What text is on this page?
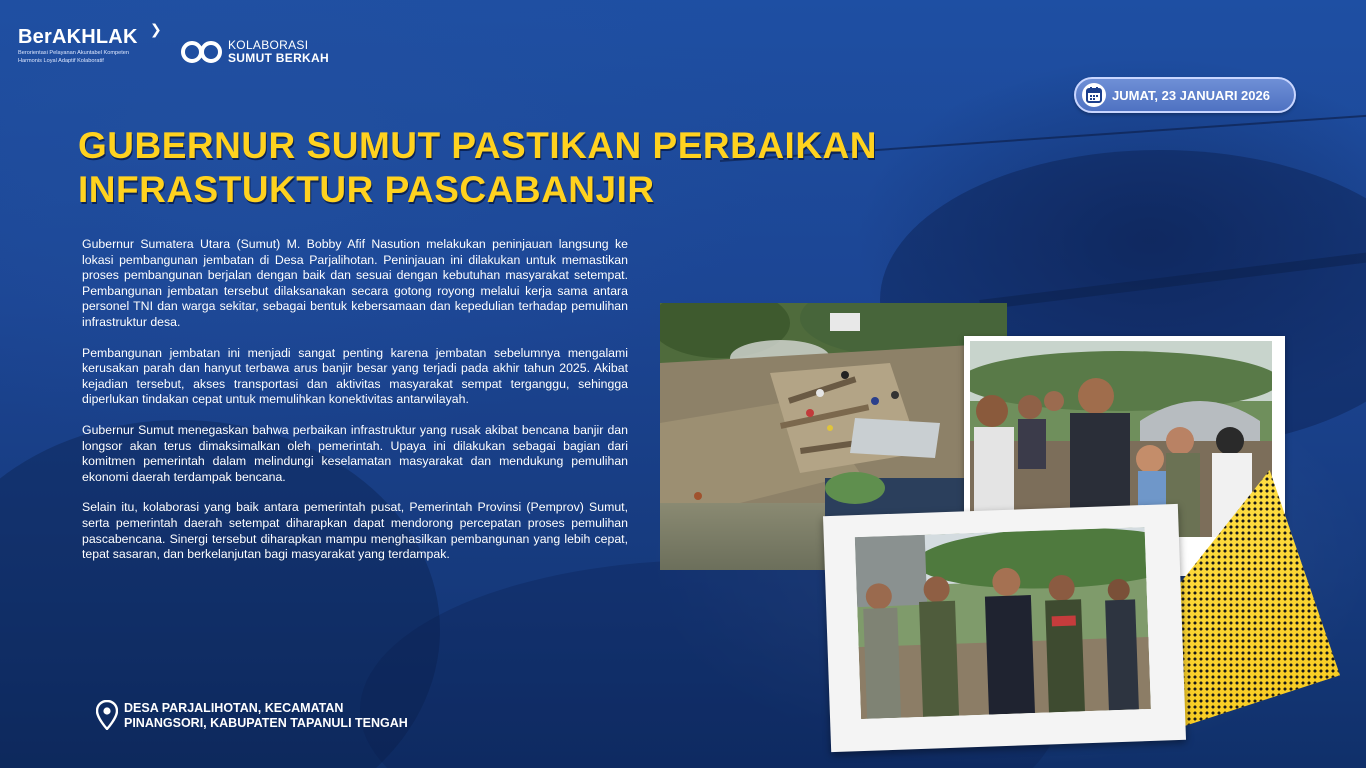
❯
BerAKHLAK
Berorientasi Pelayanan Akuntabel Kompeten
Harmonis Loyal Adaptif Kolaboratif
KOLABORASI
SUMUT BERKAH
JUMAT, 23 JANUARI 2026
GUBERNUR SUMUT PASTIKAN PERBAIKAN
INFRASTUKTUR PASCABANJIR

Gubernur Sumatera Utara (Sumut) M. Bobby Afif Nasution melakukan peninjauan langsung ke lokasi pembangunan jembatan di Desa Parjalihotan. Peninjauan ini dilakukan untuk memastikan proses pembangunan berjalan dengan baik dan sesuai dengan kebutuhan masyarakat setempat. Pembangunan jembatan tersebut dilaksanakan secara gotong royong melalui kerja sama antara personel TNI dan warga sekitar, sebagai bentuk kebersamaan dan kepedulian terhadap pemulihan infrastruktur desa.

Pembangunan jembatan ini menjadi sangat penting karena jembatan sebelumnya mengalami kerusakan parah dan hanyut terbawa arus banjir besar yang terjadi pada akhir tahun 2025. Akibat kejadian tersebut, akses transportasi dan aktivitas masyarakat sempat terganggu, sehingga diperlukan tindakan cepat untuk memulihkan konektivitas antarwilayah.

Gubernur Sumut menegaskan bahwa perbaikan infrastruktur yang rusak akibat bencana banjir dan longsor akan terus dimaksimalkan oleh pemerintah. Upaya ini dilakukan sebagai bagian dari komitmen pemerintah dalam melindungi keselamatan masyarakat dan mendukung pemulihan ekonomi daerah terdampak bencana.

Selain itu, kolaborasi yang baik antara pemerintah pusat, Pemerintah Provinsi (Pemprov) Sumut, serta pemerintah daerah setempat diharapkan dapat mendorong percepatan proses pemulihan pascabencana. Sinergi tersebut diharapkan mampu menghasilkan pembangunan yang lebih cepat, tepat sasaran, dan berkelanjutan bagi masyarakat yang terdampak.

DESA PARJALIHOTAN, KECAMATAN
PINANGSORI, KABUPATEN TAPANULI TENGAH
